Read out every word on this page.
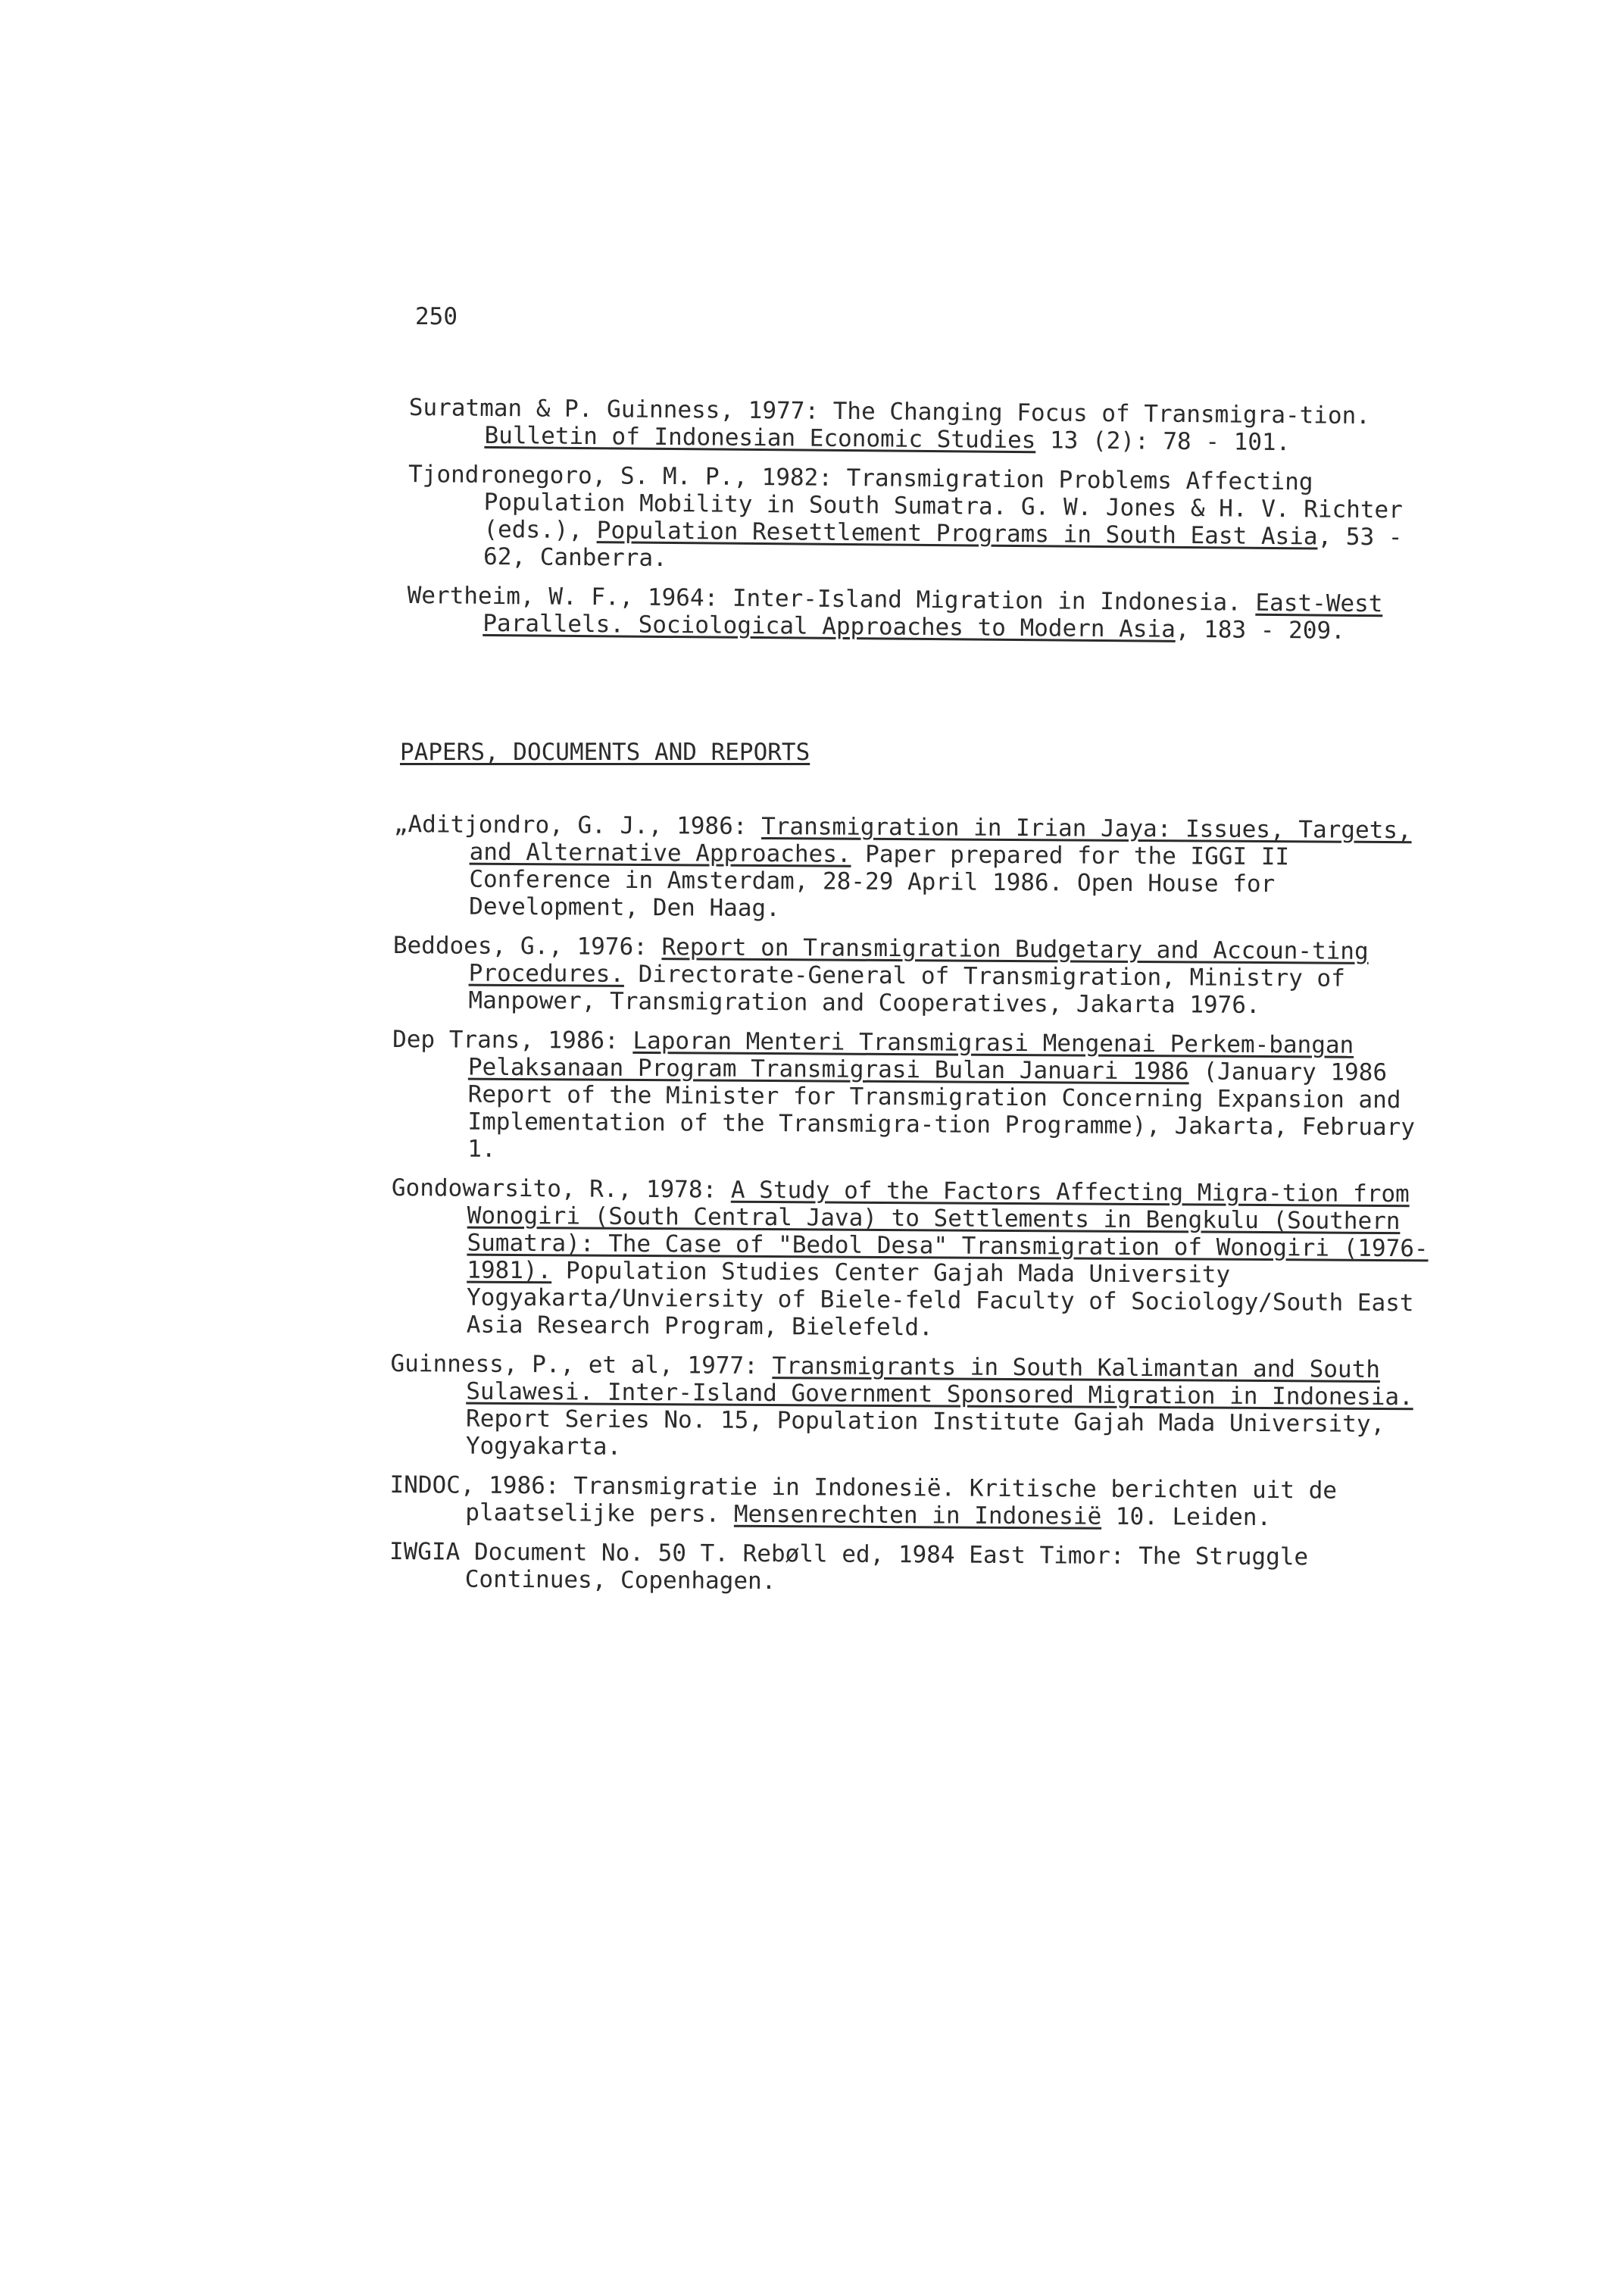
250

Suratman & P. Guinness, 1977: The Changing Focus of Transmigra-tion. Bulletin of Indonesian Economic Studies 13 (2): 78 - 101.

Tjondronegoro, S. M. P., 1982: Transmigration Problems Affecting Population Mobility in South Sumatra. G. W. Jones & H. V. Richter (eds.), Population Resettlement Programs in South East Asia, 53 - 62, Canberra.

Wertheim, W. F., 1964: Inter-Island Migration in Indonesia. East-West Parallels. Sociological Approaches to Modern Asia, 183 - 209.

PAPERS, DOCUMENTS AND REPORTS

„Aditjondro, G. J., 1986: Transmigration in Irian Jaya: Issues, Targets, and Alternative Approaches. Paper prepared for the IGGI II Conference in Amsterdam, 28-29 April 1986. Open House for Development, Den Haag.

Beddoes, G., 1976: Report on Transmigration Budgetary and Accoun-ting Procedures. Directorate-General of Transmigration, Ministry of Manpower, Transmigration and Cooperatives, Jakarta 1976.

Dep Trans, 1986: Laporan Menteri Transmigrasi Mengenai Perkem-bangan Pelaksanaan Program Transmigrasi Bulan Januari 1986 (January 1986 Report of the Minister for Transmigration Concerning Expansion and Implementation of the Transmigra-tion Programme), Jakarta, February 1.

Gondowarsito, R., 1978: A Study of the Factors Affecting Migra-tion from Wonogiri (South Central Java) to Settlements in Bengkulu (Southern Sumatra): The Case of "Bedol Desa" Transmigration of Wonogiri (1976-1981). Population Studies Center Gajah Mada University Yogyakarta/Unviersity of Biele-feld Faculty of Sociology/South East Asia Research Program, Bielefeld.

Guinness, P., et al, 1977: Transmigrants in South Kalimantan and South Sulawesi. Inter-Island Government Sponsored Migration in Indonesia. Report Series No. 15, Population Institute Gajah Mada University, Yogyakarta.

INDOC, 1986: Transmigratie in Indonesië. Kritische berichten uit de plaatselijke pers. Mensenrechten in Indonesië 10. Leiden.

IWGIA Document No. 50 T. Rebøll ed, 1984 East Timor: The Struggle Continues, Copenhagen.
